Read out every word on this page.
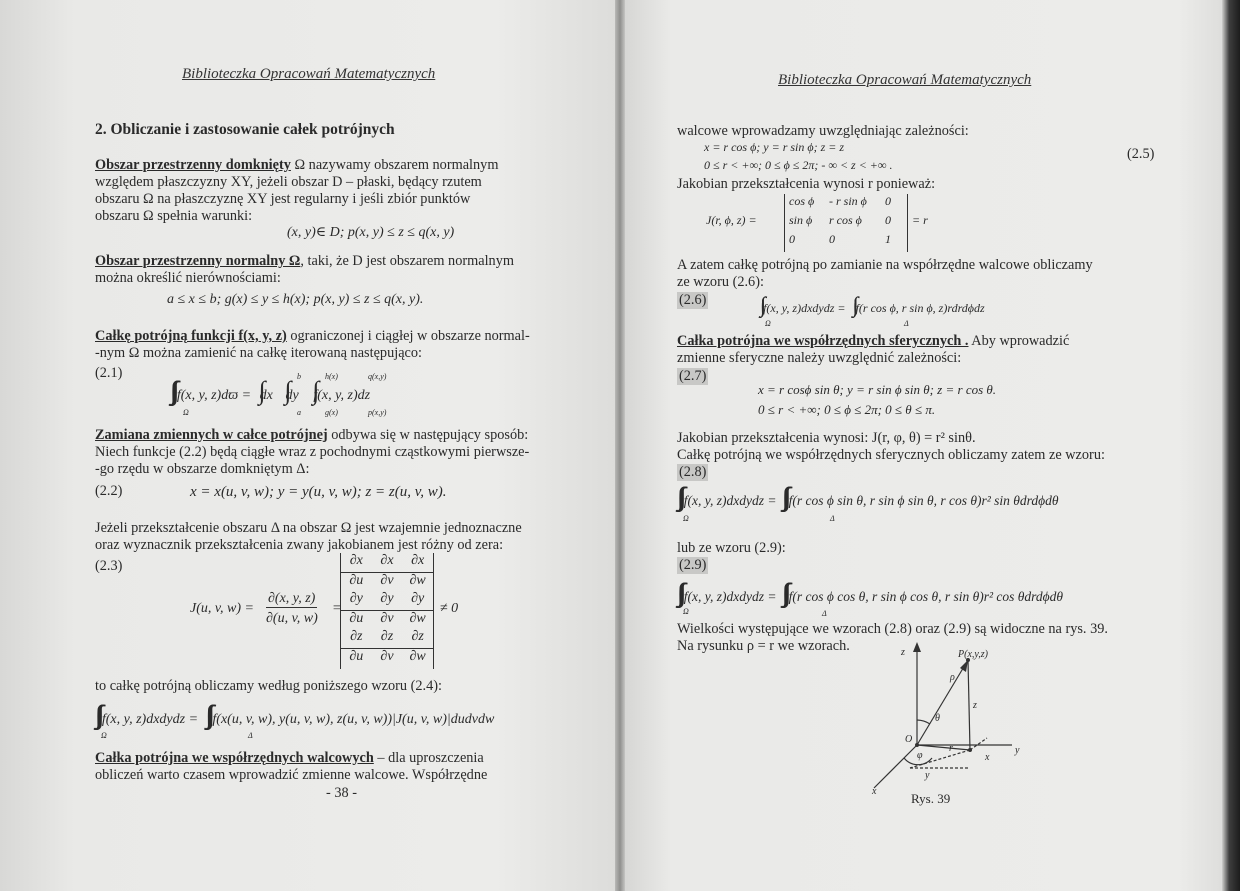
Biblioteczka Opracowań Matematycznych
2. Obliczanie i zastosowanie całek potrójnych
Obszar przestrzenny domknięty Ω nazywamy obszarem normalnym
względem płaszczyzny XY, jeżeli obszar D – płaski, będący rzutem
obszaru Ω na płaszczyznę XY jest regularny i jeśli zbiór punktów
obszaru Ω spełnia warunki:
(x, y)∈ D; p(x, y) ≤ z ≤ q(x, y)
Obszar przestrzenny normalny Ω, taki, że D jest obszarem normalnym
można określić nierównościami:
a ≤ x ≤ b; g(x) ≤ y ≤ h(x); p(x, y) ≤ z ≤ q(x, y).
Całkę potrójną funkcji f(x, y, z) ograniczonej i ciągłej w obszarze normal-
-nym Ω można zamienić na całkę iterowaną następująco:
(2.1)
∫∫∫ f(x, y, z)dϖ = ∫dx ∫dy ∫f(x, y, z)dz
b
a
h(x)
g(x)
q(x,y)
p(x,y)
Ω
Zamiana zmiennych w całce potrójnej odbywa się w następujący sposób:
Niech funkcje (2.2) będą ciągłe wraz z pochodnymi cząstkowymi pierwsze-
-go rzędu w obszarze domkniętym Δ:
(2.2)	x = x(u, v, w); y = y(u, v, w); z = z(u, v, w).
Jeżeli przekształcenie obszaru Δ na obszar Ω jest wzajemnie jednoznaczne
oraz wyznacznik przekształcenia zwany jakobianem jest różny od zera:
(2.3)
J(u, v, w) =
∂(x, y, z)
∂(u, v, w)
=
∂x	∂x	∂x
∂u	∂v	∂w
∂y	∂y	∂y
∂u	∂v	∂w
∂z	∂z	∂z
∂u	∂v	∂w
≠ 0
to całkę potrójną obliczamy według poniższego wzoru (2.4):
∫∫∫ f(x, y, z)dxdydz = ∫∫∫ f(x(u, v, w), y(u, v, w), z(u, v, w))|J(u, v, w)|dudvdw
Ω	Δ
Całka potrójna we współrzędnych walcowych – dla uproszczenia
obliczeń warto czasem wprowadzić zmienne walcowe. Współrzędne
- 38 -
Biblioteczka Opracowań Matematycznych
walcowe wprowadzamy uwzględniając zależności:
x = r cos ϕ; y = r sin ϕ; z = z
0 ≤ r < +∞; 0 ≤ ϕ ≤ 2π; - ∞ < z < +∞ .
(2.5)
Jakobian przekształcenia wynosi r ponieważ:
J(r, ϕ, z) =
cos ϕ	- r sin ϕ	0
sin ϕ	r cos ϕ	0
0	0	1
= r
A zatem całkę potrójną po zamianie na współrzędne walcowe obliczamy
ze wzoru (2.6):
(2.6) ∫∫∫ f(x, y, z)dxdydz = ∫∫∫ f(r cos ϕ, r sin ϕ, z)rdrdϕdz
Ω	Δ
Całka potrójna we współrzędnych sferycznych . Aby wprowadzić
zmienne sferyczne należy uwzględnić zależności:
(2.7)
x = r cosϕ sin θ; y = r sin ϕ sin θ; z = r cos θ.
0 ≤ r < +∞; 0 ≤ ϕ ≤ 2π; 0 ≤ θ ≤ π.
Jakobian przekształcenia wynosi: J(r, φ, θ) = r² sinθ.
Całkę potrójną we współrzędnych sferycznych obliczamy zatem ze wzoru:
(2.8)
∫∫∫ f(x, y, z)dxdydz = ∫∫∫ f(r cos ϕ sin θ, r sin ϕ sin θ, r cos θ)r² sin θdrdϕdθ
Ω	Δ
lub ze wzoru (2.9):
(2.9)
∫∫∫ f(x, y, z)dxdydz = ∫∫∫ f(r cos ϕ cos θ, r sin ϕ cos θ, r sin θ)r² cos θdrdϕdθ
Ω	Δ
Wielkości występujące we wzorach (2.8) oraz (2.9) są widoczne na rys. 39.
Na rysunku ρ = r we wzorach.	z	P(x,y,z)
ρ
θ
z
O
φ
r
x
y
y
x	Rys. 39
